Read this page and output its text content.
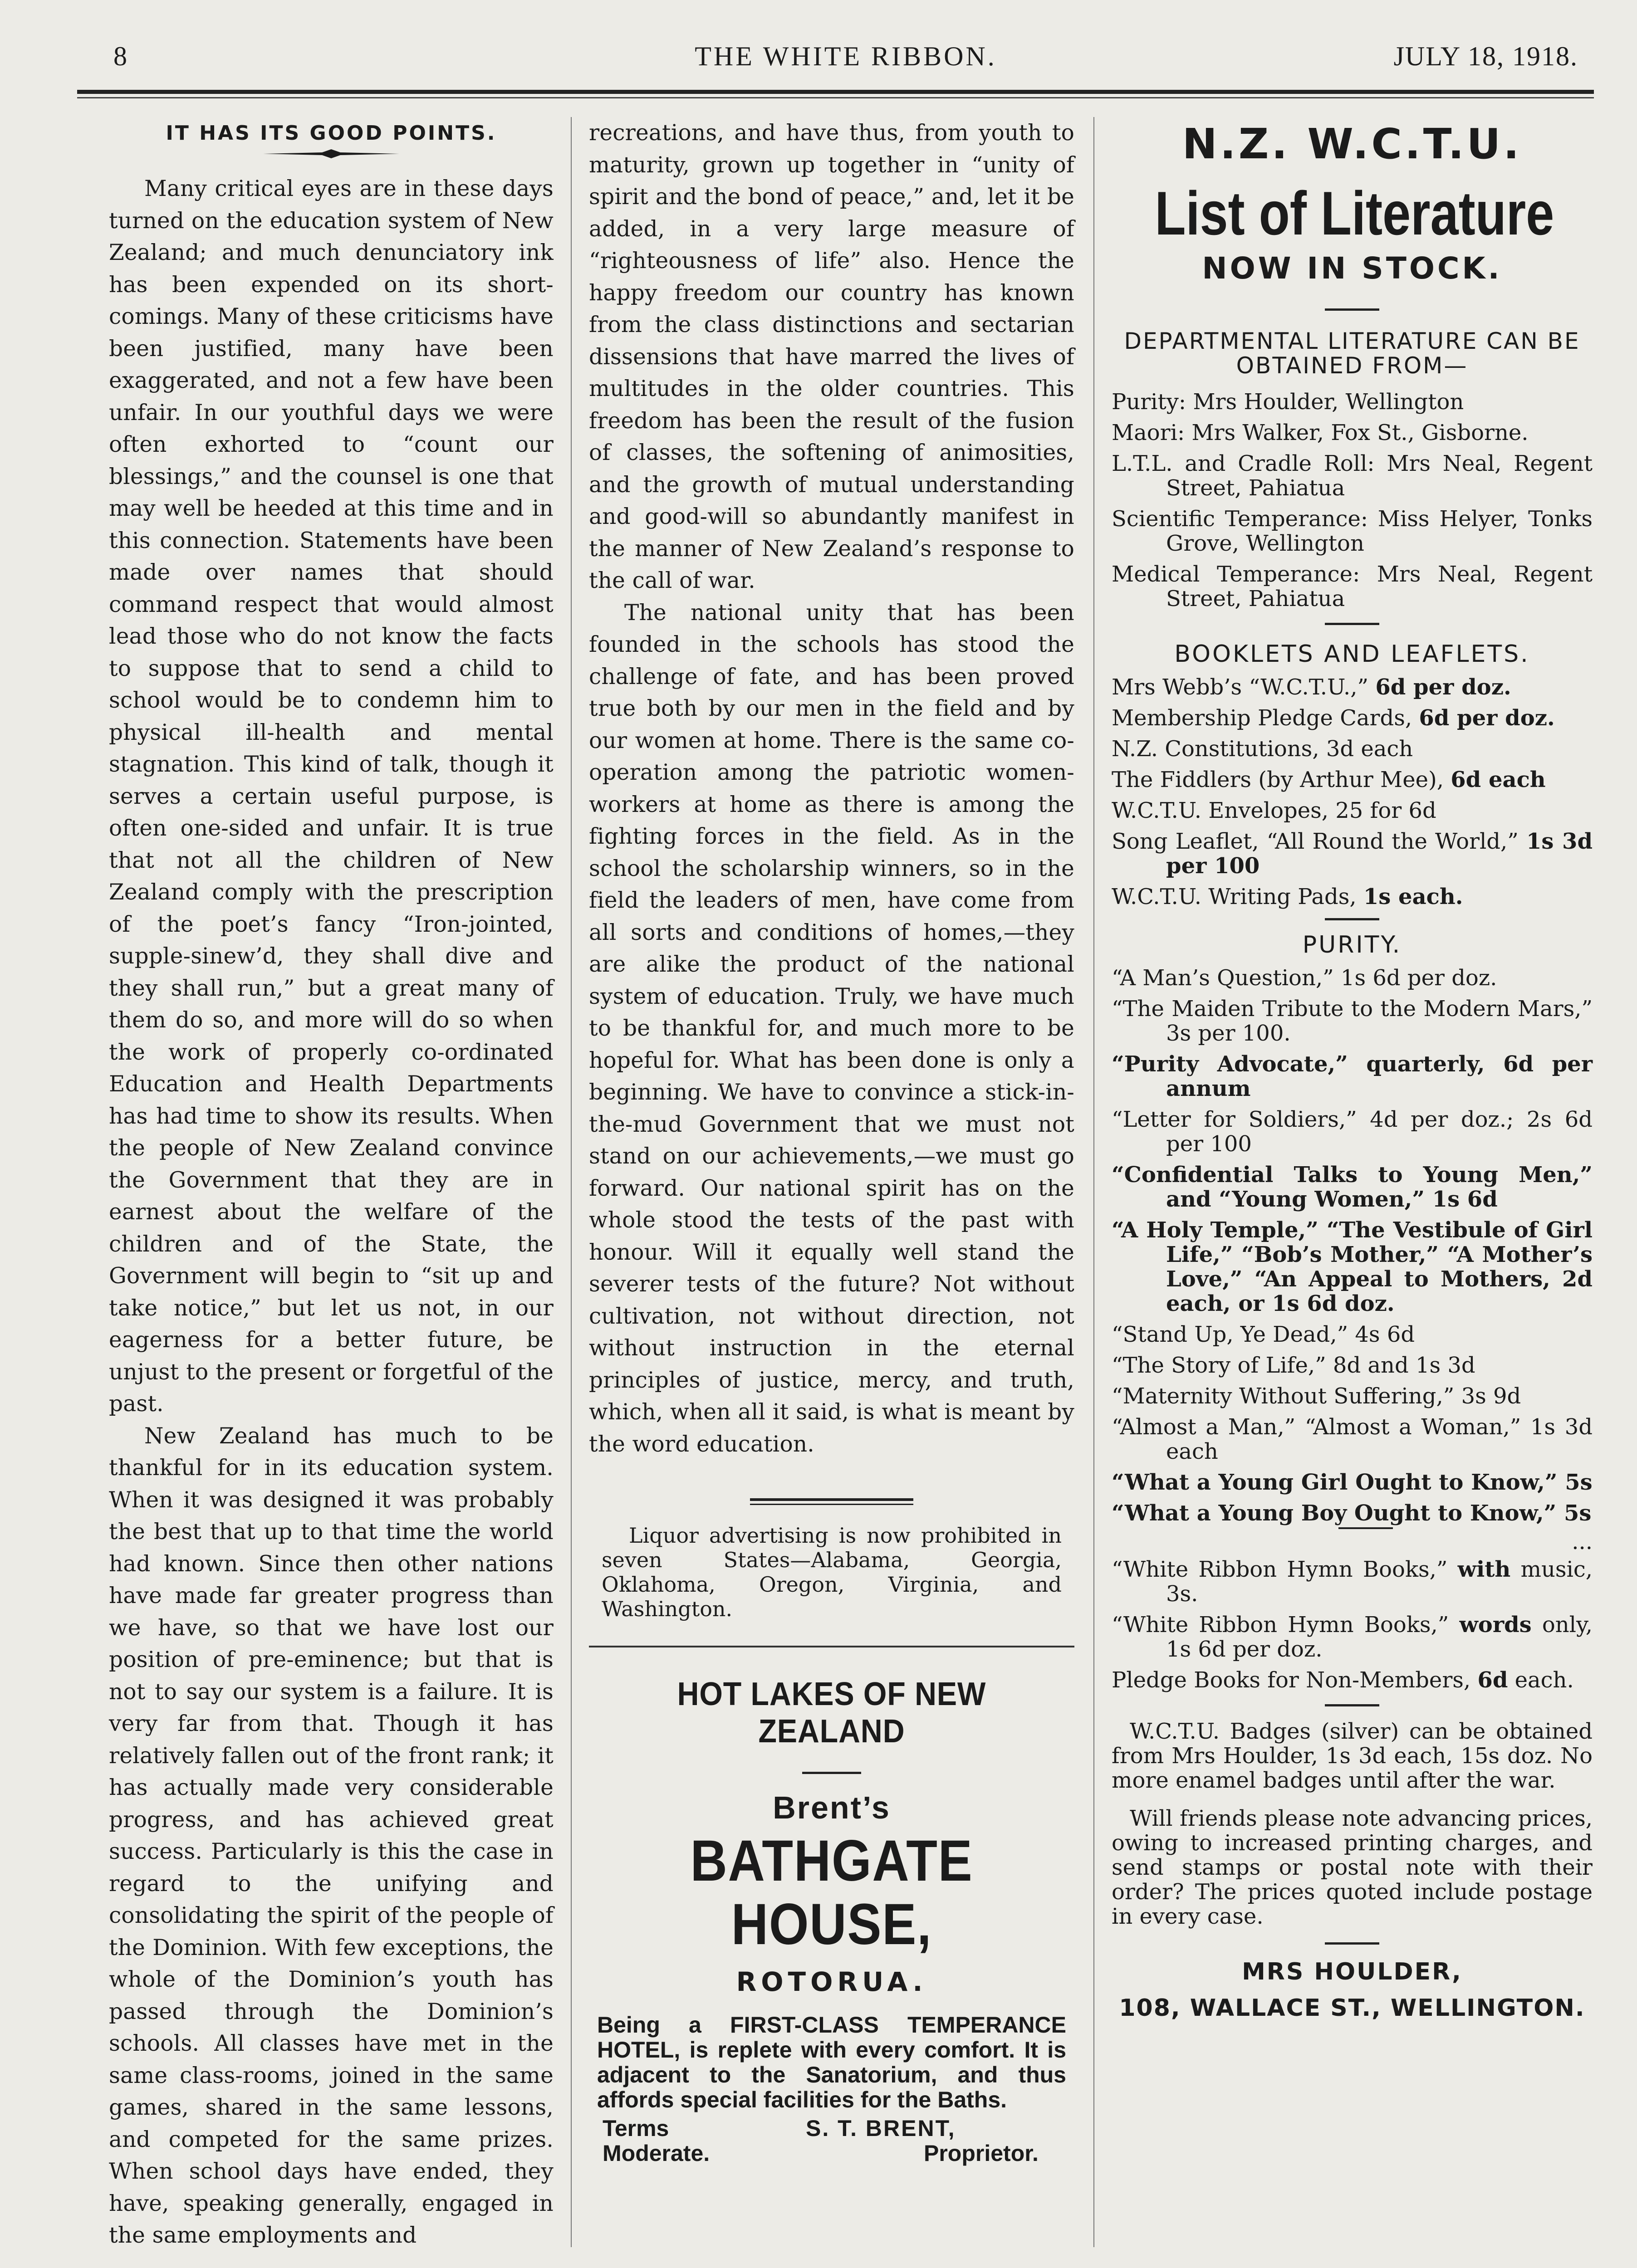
8	THE WHITE RIBBON.	JULY 18, 1918.
IT HAS ITS GOOD POINTS.

Many critical eyes are in these days turned on the education system of New Zealand; and much denunciatory ink has been expended on its short-comings. Many of these criticisms have been justified, many have been exaggerated, and not a few have been unfair. In our youthful days we were often exhorted to “count our blessings,” and the counsel is one that may well be heeded at this time and in this connection. Statements have been made over names that should command respect that would almost lead those who do not know the facts to suppose that to send a child to school would be to condemn him to physical ill-health and mental stagnation. This kind of talk, though it serves a certain useful purpose, is often one-sided and unfair. It is true that not all the children of New Zealand comply with the prescription of the poet’s fancy “Iron-jointed, supple-sinew’d, they shall dive and they shall run,” but a great many of them do so, and more will do so when the work of properly co-ordinated Education and Health Departments has had time to show its results. When the people of New Zealand convince the Government that they are in earnest about the welfare of the children and of the State, the Government will begin to “sit up and take notice,” but let us not, in our eagerness for a better future, be unjust to the present or forgetful of the past.

New Zealand has much to be thankful for in its education system. When it was designed it was probably the best that up to that time the world had known. Since then other nations have made far greater progress than we have, so that we have lost our position of pre-eminence; but that is not to say our system is a failure. It is very far from that. Though it has relatively fallen out of the front rank; it has actually made very considerable progress, and has achieved great success. Particularly is this the case in regard to the unifying and consolidating the spirit of the people of the Dominion. With few exceptions, the whole of the Dominion’s youth has passed through the Dominion’s schools. All classes have met in the same class-rooms, joined in the same games, shared in the same lessons, and competed for the same prizes. When school days have ended, they have, speaking generally, engaged in the same employments and

recreations, and have thus, from youth to maturity, grown up together in “unity of spirit and the bond of peace,” and, let it be added, in a very large measure of “righteousness of life” also. Hence the happy freedom our country has known from the class distinctions and sectarian dissensions that have marred the lives of multitudes in the older countries. This freedom has been the result of the fusion of classes, the softening of animosities, and the growth of mutual understanding and good-will so abundantly manifest in the manner of New Zealand’s response to the call of war.

The national unity that has been founded in the schools has stood the challenge of fate, and has been proved true both by our men in the field and by our women at home. There is the same co-operation among the patriotic women-workers at home as there is among the fighting forces in the field. As in the school the scholarship winners, so in the field the leaders of men, have come from all sorts and conditions of homes,—they are alike the product of the national system of education. Truly, we have much to be thankful for, and much more to be hopeful for. What has been done is only a beginning. We have to convince a stick-in-the-mud Government that we must not stand on our achievements,—we must go forward. Our national spirit has on the whole stood the tests of the past with honour. Will it equally well stand the severer tests of the future? Not without cultivation, not without direction, not without instruction in the eternal principles of justice, mercy, and truth, which, when all it said, is what is meant by the word education.

Liquor advertising is now prohibited in seven States—Alabama, Georgia, Oklahoma, Oregon, Virginia, and Washington.

HOT LAKES OF NEW ZEALAND
Brent’s
BATHGATE HOUSE,
ROTORUA.
Being a FIRST-CLASS TEMPERANCE HOTEL, is replete with every comfort. It is adjacent to the Sanatorium, and thus affords special facilities for the Baths.
Terms
Moderate.
S. T. BRENT,
Proprietor.
N.Z. W.C.T.U.
List of Literature
NOW IN STOCK.
DEPARTMENTAL LITERATURE CAN BE OBTAINED FROM—
Purity: Mrs Houlder, Wellington
Maori: Mrs Walker, Fox St., Gisborne.
L.T.L. and Cradle Roll: Mrs Neal, Regent Street, Pahiatua
Scientific Temperance: Miss Helyer, Tonks Grove, Wellington
Medical Temperance: Mrs Neal, Regent Street, Pahiatua
BOOKLETS AND LEAFLETS.
Mrs Webb’s “W.C.T.U.,” 6d per doz.
Membership Pledge Cards, 6d per doz.
N.Z. Constitutions, 3d each
The Fiddlers (by Arthur Mee), 6d each
W.C.T.U. Envelopes, 25 for 6d
Song Leaflet, “All Round the World,” 1s 3d per 100
W.C.T.U. Writing Pads, 1s each.
PURITY.
“A Man’s Question,” 1s 6d per doz.
“The Maiden Tribute to the Modern Mars,” 3s per 100.
“Purity Advocate,” quarterly, 6d per annum
“Letter for Soldiers,” 4d per doz.; 2s 6d per 100
“Confidential Talks to Young Men,” and “Young Women,” 1s 6d
“A Holy Temple,” “The Vestibule of Girl Life,” “Bob’s Mother,” “A Mother’s Love,” “An Appeal to Mothers, 2d each, or 1s 6d doz.
“Stand Up, Ye Dead,” 4s 6d
“The Story of Life,” 8d and 1s 3d
“Maternity Without Suffering,” 3s 9d
“Almost a Man,” “Almost a Woman,” 1s 3d each
“What a Young Girl Ought to Know,” 5s
“What a Young Boy Ought to Know,” 5s
...
“White Ribbon Hymn Books,” with music, 3s.
“White Ribbon Hymn Books,” words only, 1s 6d per doz.
Pledge Books for Non-Members, 6d each.

W.C.T.U. Badges (silver) can be obtained from Mrs Houlder, 1s 3d each, 15s doz. No more enamel badges until after the war.

Will friends please note advancing prices, owing to increased printing charges, and send stamps or postal note with their order? The prices quoted include postage in every case.

MRS HOULDER,
108, WALLACE ST., WELLINGTON.
